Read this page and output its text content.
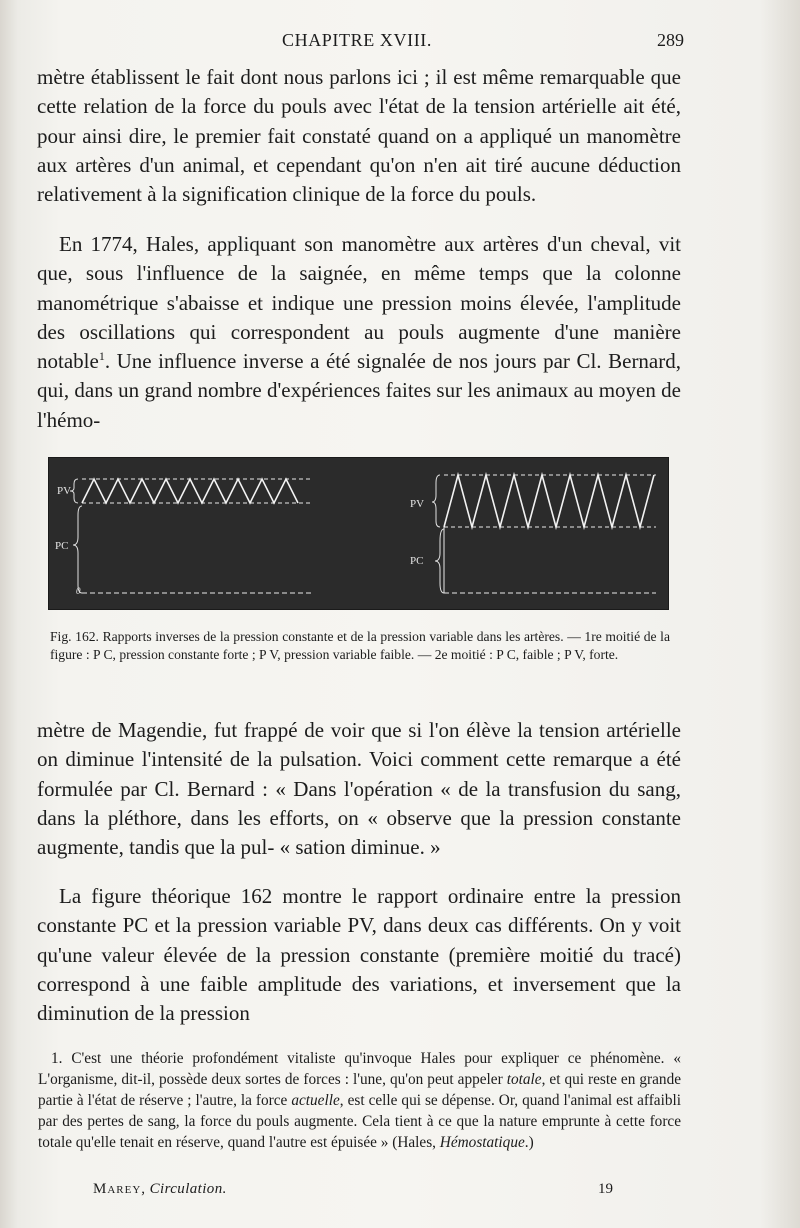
CHAPITRE XVIII.	289

mètre établissent le fait dont nous parlons ici ; il est même remarquable que cette relation de la force du pouls avec l'état de la tension artérielle ait été, pour ainsi dire, le premier fait constaté quand on a appliqué un manomètre aux artères d'un animal, et cependant qu'on n'en ait tiré aucune déduction relativement à la signification clinique de la force du pouls.

En 1774, Hales, appliquant son manomètre aux artères d'un cheval, vit que, sous l'influence de la saignée, en même temps que la colonne manométrique s'abaisse et indique une pression moins élevée, l'amplitude des oscillations qui correspondent au pouls augmente d'une manière notable$^1$. Une influence inverse a été signalée de nos jours par Cl. Bernard, qui, dans un grand nombre d'expériences faites sur les animaux au moyen de l'hémo-

PV
PC
0
PV
PC

Fig. 162. Rapports inverses de la pression constante et de la pression variable dans les artères. — 1re moitié de la figure : P C, pression constante forte ; P V, pression variable faible. — 2e moitié : P C, faible ; P V, forte.

mètre de Magendie, fut frappé de voir que si l'on élève la tension artérielle on diminue l'intensité de la pulsation. Voici comment cette remarque a été formulée par Cl. Bernard : « Dans l'opération « de la transfusion du sang, dans la pléthore, dans les efforts, on « observe que la pression constante augmente, tandis que la pul- « sation diminue. »

La figure théorique 162 montre le rapport ordinaire entre la pression constante PC et la pression variable PV, dans deux cas différents. On y voit qu'une valeur élevée de la pression constante (première moitié du tracé) correspond à une faible amplitude des variations, et inversement que la diminution de la pression

1. C'est une théorie profondément vitaliste qu'invoque Hales pour expliquer ce phénomène. « L'organisme, dit-il, possède deux sortes de forces : l'une, qu'on peut appeler totale, et qui reste en grande partie à l'état de réserve ; l'autre, la force actuelle, est celle qui se dépense. Or, quand l'animal est affaibli par des pertes de sang, la force du pouls augmente. Cela tient à ce que la nature emprunte à cette force totale qu'elle tenait en réserve, quand l'autre est épuisée » (Hales, Hémostatique.)

Marey, Circulation.	19
